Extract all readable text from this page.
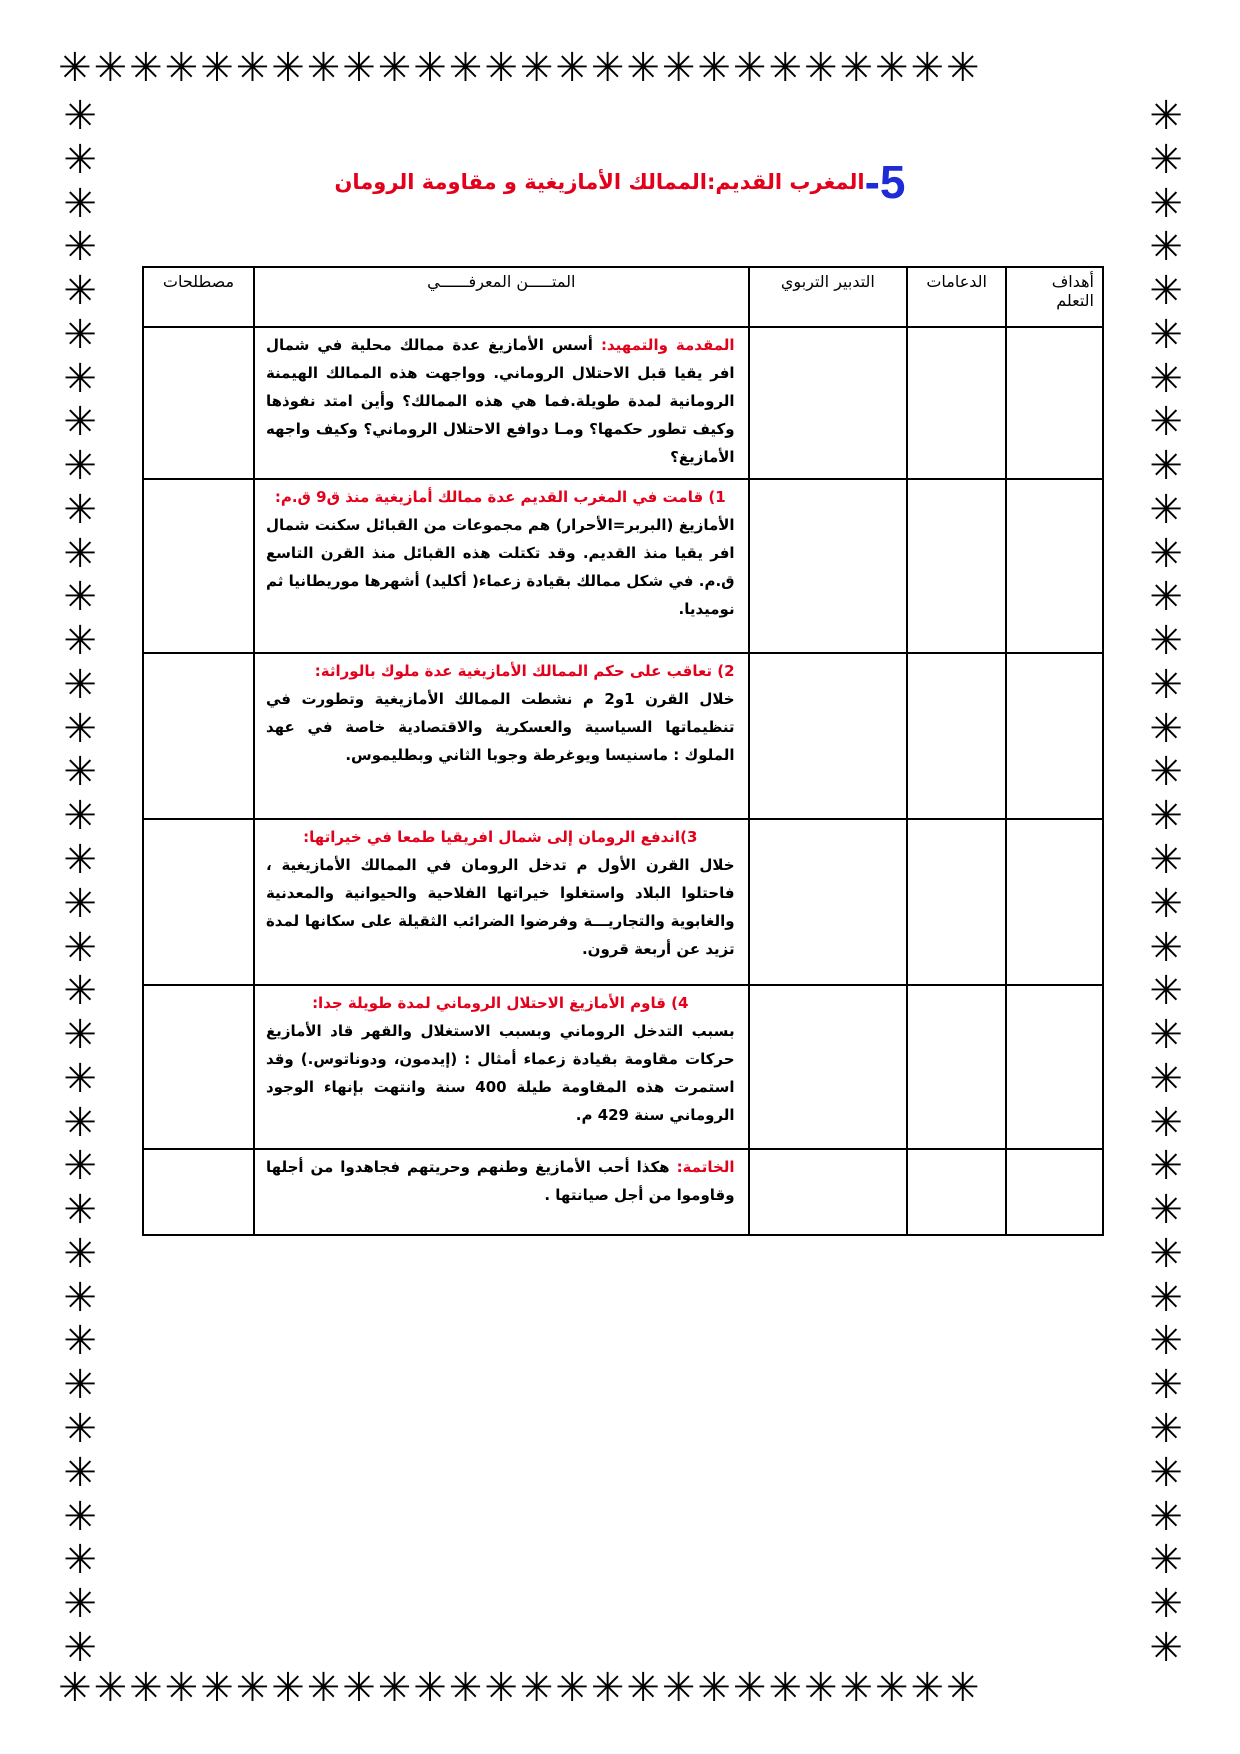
✳✳✳✳✳✳✳✳✳✳✳✳✳✳✳✳✳✳✳✳✳✳✳✳✳✳
✳✳✳✳✳✳✳✳✳✳✳✳✳✳✳✳✳✳✳✳✳✳✳✳✳✳
✳
✳
✳
✳
✳
✳
✳
✳
✳
✳
✳
✳
✳
✳
✳
✳
✳
✳
✳
✳
✳
✳
✳
✳
✳
✳
✳
✳
✳
✳
✳
✳
✳
✳
✳
✳
✳
✳
✳
✳
✳
✳
✳
✳
✳
✳
✳
✳
✳
✳
✳
✳
✳
✳
✳
✳
✳
✳
✳
✳
✳
✳
✳
✳
✳
✳
✳
✳
✳
✳
✳
✳
5-المغرب القديم:الممالك الأمازيغية و مقاومة الرومان
أهداف التعلم	الدعامات	التدبير التربوي	المتـــــن المعرفــــــي	مصطلحات

			المقدمة والتمهيد: أسس الأمازيغ عدة ممالك محلية في شمال افر يقيا قبل الاحتلال الروماني. وواجهت هذه الممالك الهيمنة الرومانية لمدة طويلة.فما هي هذه الممالك؟ وأين امتد نفوذها وكيف تطور حكمها؟ ومـا دوافع الاحتلال الروماني؟ وكيف واجهه الأمازيغ؟	

			1) قامت في المغرب القديم عدة ممالك أمازيغية منذ ق9 ق.م:
الأمازيغ (البربر=الأحرار) هم مجموعات من القبائل سكنت شمال افر يقيا منذ القديم. وقد تكتلت هذه القبائل منذ القرن التاسع ق.م. في شكل ممالك بقيادة زعماء( أكليد) أشهرها موريطانيا ثم نوميديا.	

			2) تعاقب على حكم الممالك الأمازيغية عدة ملوك بالوراثة:
خلال القرن 1و2 م نشطت الممالك الأمازيغية وتطورت في تنظيماتها السياسية والعسكرية والاقتصادية خاصة في عهد الملوك : ماسنيسا ويوغرطة وجوبا الثاني وبطليموس.	

			3)اندفع الرومان إلى شمال افريقيا طمعا في خيراتها:
خلال القرن الأول م تدخل الرومان في الممالك الأمازيغية ، فاحتلوا البلاد واستغلوا خيراتها الفلاحية والحيوانية والمعدنية والغابوية والتجاريـــة وفرضوا الضرائب الثقيلة على سكانها لمدة تزيد عن أربعة قرون.	

			4) قاوم الأمازيغ الاحتلال الروماني لمدة طويلة جدا:
بسبب التدخل الروماني وبسبب الاستغلال والقهر قاد الأمازيغ حركات مقاومة بقيادة زعماء أمثال : (إيدمون، ودوناتوس.) وقد استمرت هذه المقاومة طيلة 400 سنة وانتهت بإنهاء الوجود الروماني سنة 429 م.	

			الخاتمة: هكذا أحب الأمازيغ وطنهم وحريتهم فجاهدوا من أجلها وقاوموا من أجل صيانتها .	
